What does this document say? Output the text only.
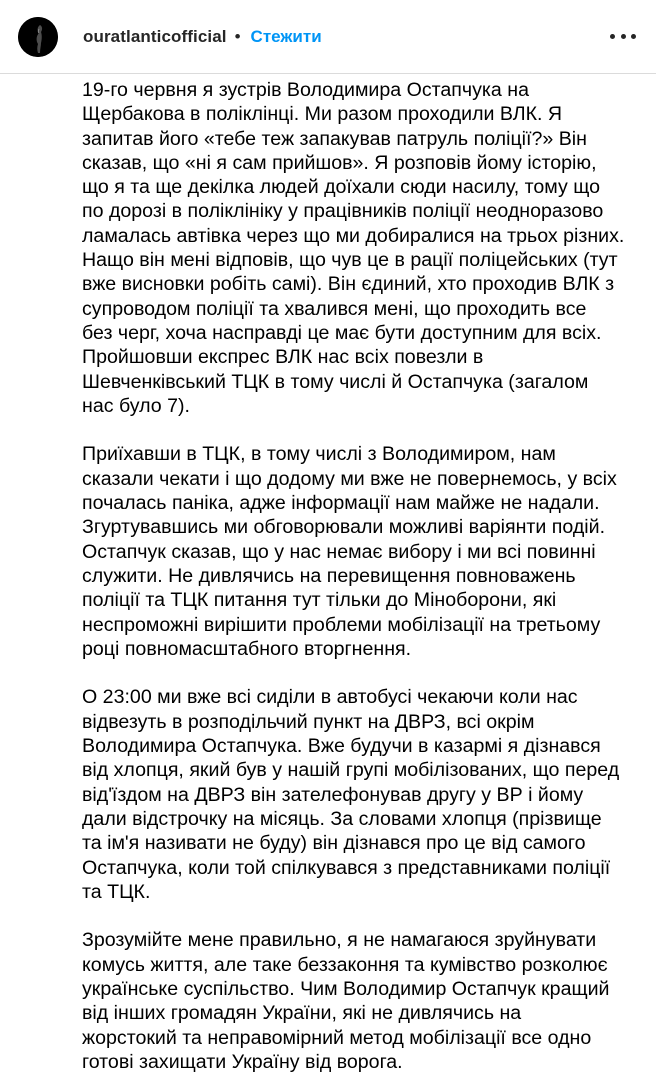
ouratlanticofficial • Стежити
19-го червня я зустрів Володимира Остапчука на
Щербакова в поліклінці. Ми разом проходили ВЛК. Я
запитав його «тебе теж запакував патруль поліції?» Він
сказав, що «ні я сам прийшов». Я розповів йому історію,
що я та ще декілка людей доїхали сюди насилу, тому що
по дорозі в поліклініку у працівників поліції неодноразово
ламалась автівка через що ми добиралися на трьох різних.
Нащо він мені відповів, що чув це в рації поліцейських (тут
вже висновки робіть самі). Він єдиний, хто проходив ВЛК з
супроводом поліції та хвалився мені, що проходить все
без черг, хоча насправді це має бути доступним для всіх.
Пройшовши експрес ВЛК нас всіх повезли в
Шевченківський ТЦК в тому числі й Остапчука (загалом
нас було 7).
Приїхавши в ТЦК, в тому числі з Володимиром, нам
сказали чекати і що додому ми вже не повернемось, у всіх
почалась паніка, адже інформації нам майже не надали.
Згуртувавшись ми обговорювали можливі варіянти подій.
Остапчук сказав, що у нас немає вибору і ми всі повинні
служити. Не дивлячись на перевищення повноважень
поліції та ТЦК питання тут тільки до Міноборони, які
неспроможні вирішити проблеми мобілізації на третьому
році повномасштабного вторгнення.
О 23:00 ми вже всі сиділи в автобусі чекаючи коли нас
відвезуть в розподільчий пункт на ДВРЗ, всі окрім
Володимира Остапчука. Вже будучи в казармі я дізнався
від хлопця, який був у нашій групі мобілізованих, що перед
від'їздом на ДВРЗ він зателефонував другу у ВР і йому
дали відстрочку на місяць. За словами хлопця (прізвище
та ім'я називати не буду) він дізнався про це від самого
Остапчука, коли той спілкувався з представниками поліції
та ТЦК.
Зрозумійте мене правильно, я не намагаюся зруйнувати
комусь життя, але таке беззаконня та кумівство розколює
українське суспільство. Чим Володимир Остапчук кращий
від інших громадян України, які не дивлячись на
жорстокий та неправомірний метод мобілізації все одно
готові захищати Україну від ворога.
